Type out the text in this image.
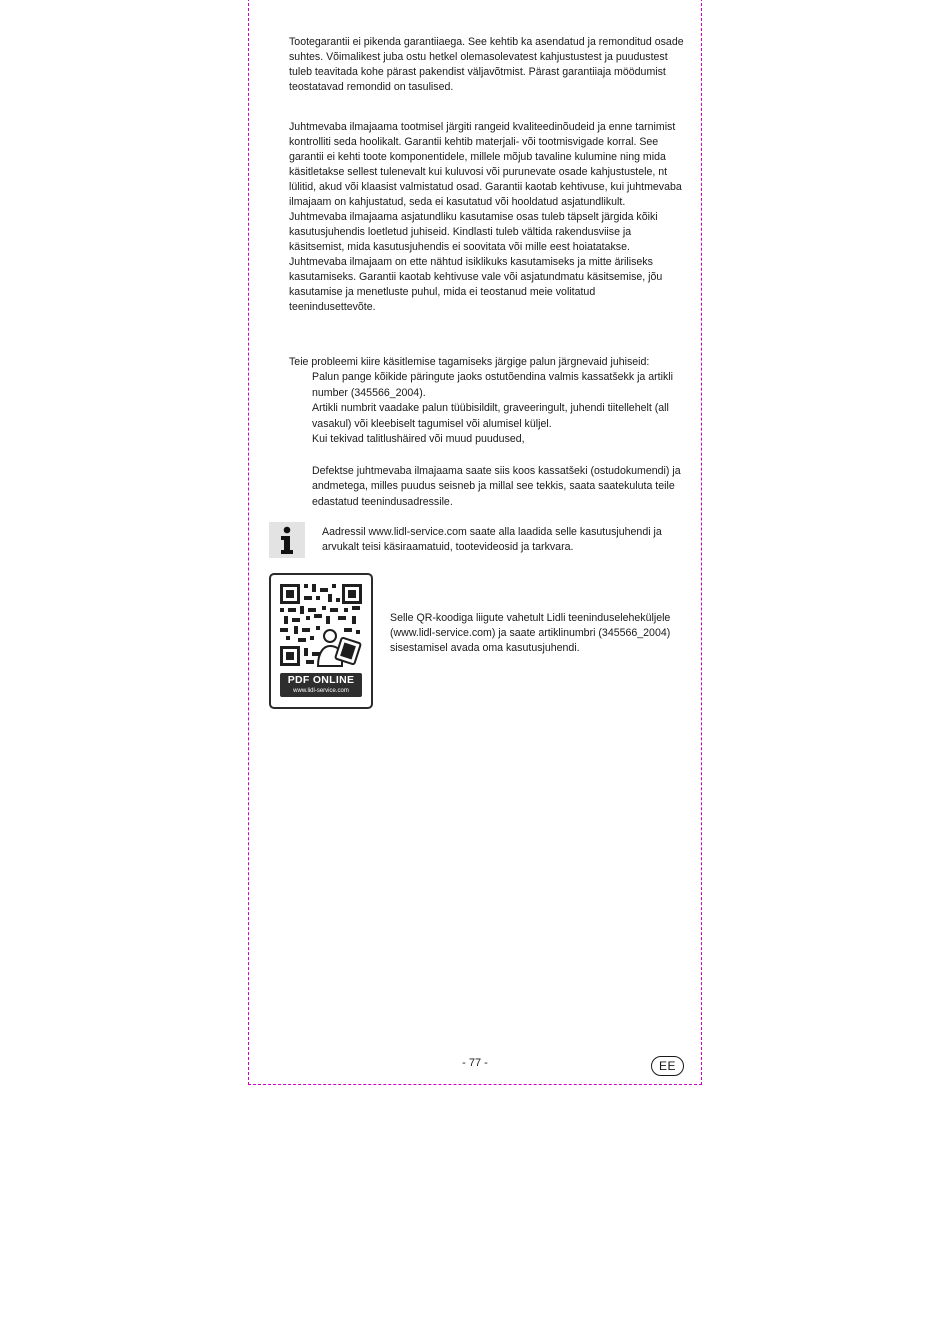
Tootegarantii ei pikenda garantiiaega. See kehtib ka asendatud ja remonditud osade suhtes. Võimalikest juba ostu hetkel olemasolevatest kahjustustest ja puudustest tuleb teavitada kohe pärast pakendist väljavõtmist. Pärast garantiiaja möödumist teostatavad remondid on tasulised.

Juhtmevaba ilmajaama tootmisel järgiti rangeid kvaliteedinõudeid ja enne tarnimist kontrolliti seda hoolikalt. Garantii kehtib materjali- või tootmisvigade korral. See garantii ei kehti toote komponentidele, millele mõjub tavaline kulumine ning mida käsitletakse sellest tulenevalt kui kuluvosi või purunevate osade kahjustustele, nt lülitid, akud või klaasist valmistatud osad. Garantii kaotab kehtivuse, kui juhtmevaba ilmajaam on kahjustatud, seda ei kasutatud või hooldatud asjatundlikult. Juhtmevaba ilmajaama asjatundliku kasutamise osas tuleb täpselt järgida kõiki kasutusjuhendis loetletud juhiseid. Kindlasti tuleb vältida rakendusviise ja käsitsemist, mida kasutusjuhendis ei soovitata või mille eest hoiatatakse.

Juhtmevaba ilmajaam on ette nähtud isiklikuks kasutamiseks ja mitte äriliseks kasutamiseks. Garantii kaotab kehtivuse vale või asjatundmatu käsitsemise, jõu kasutamise ja menetluste puhul, mida ei teostanud meie volitatud teenindusettevõte.

Teie probleemi kiire käsitlemise tagamiseks järgige palun järgnevaid juhiseid:

Palun pange kõikide päringute jaoks ostutõendina valmis kassatšekk ja artikli number (345566_2004).

Artikli numbrit vaadake palun tüübisildilt, graveeringult, juhendi tiitellehelt (all vasakul) või kleebiselt tagumisel või alumisel küljel.

Kui tekivad talitlushäired või muud puudused,

Defektse juhtmevaba ilmajaama saate siis koos kassatšeki (ostudokumendi) ja andmetega, milles puudus seisneb ja millal see tekkis, saata saatekuluta teile edastatud teenindusadressile.

Aadressil www.lidl-service.com saate alla laadida selle kasutusjuhendi ja arvukalt teisi käsiraamatuid, tootevideosid ja tarkvara.
PDF ONLINE
www.lidl-service.com
Selle QR-koodiga liigute vahetult Lidli teeninduseleheküljele (www.lidl-service.com) ja saate artiklinumbri (345566_2004) sisestamisel avada oma kasutusjuhendi.
- 77 -	EE
